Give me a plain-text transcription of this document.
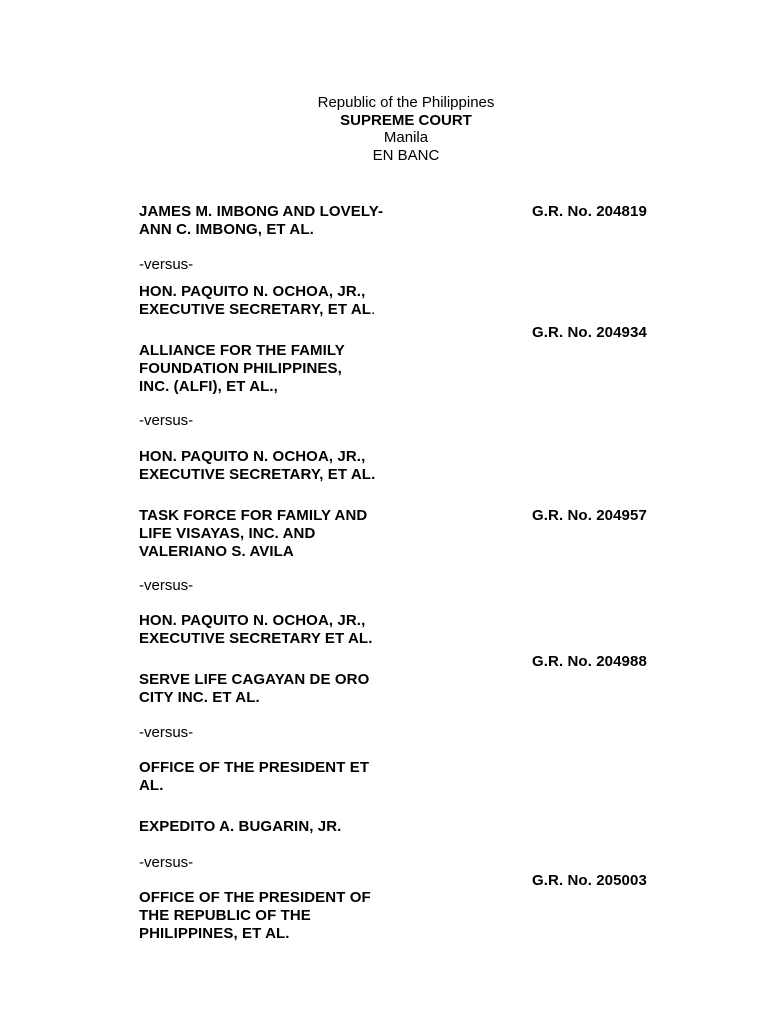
Republic of the Philippines
SUPREME COURT
Manila
EN BANC
JAMES M. IMBONG AND LOVELY-
ANN C. IMBONG, ET AL.
G.R. No. 204819
-versus-
HON. PAQUITO N. OCHOA, JR.,
EXECUTIVE SECRETARY, ET AL.
G.R. No. 204934
ALLIANCE FOR THE FAMILY
FOUNDATION PHILIPPINES,
INC. (ALFI), ET AL.,
-versus-
HON. PAQUITO N. OCHOA, JR.,
EXECUTIVE SECRETARY, ET AL.
TASK FORCE FOR FAMILY AND
LIFE VISAYAS, INC. AND
VALERIANO S. AVILA
G.R. No. 204957
-versus-
HON. PAQUITO N. OCHOA, JR.,
EXECUTIVE SECRETARY ET AL.
G.R. No. 204988
SERVE LIFE CAGAYAN DE ORO
CITY INC. ET AL.
-versus-
OFFICE OF THE PRESIDENT ET
AL.
EXPEDITO A. BUGARIN, JR.
-versus-
G.R. No. 205003
OFFICE OF THE PRESIDENT OF
THE REPUBLIC OF THE
PHILIPPINES, ET AL.
